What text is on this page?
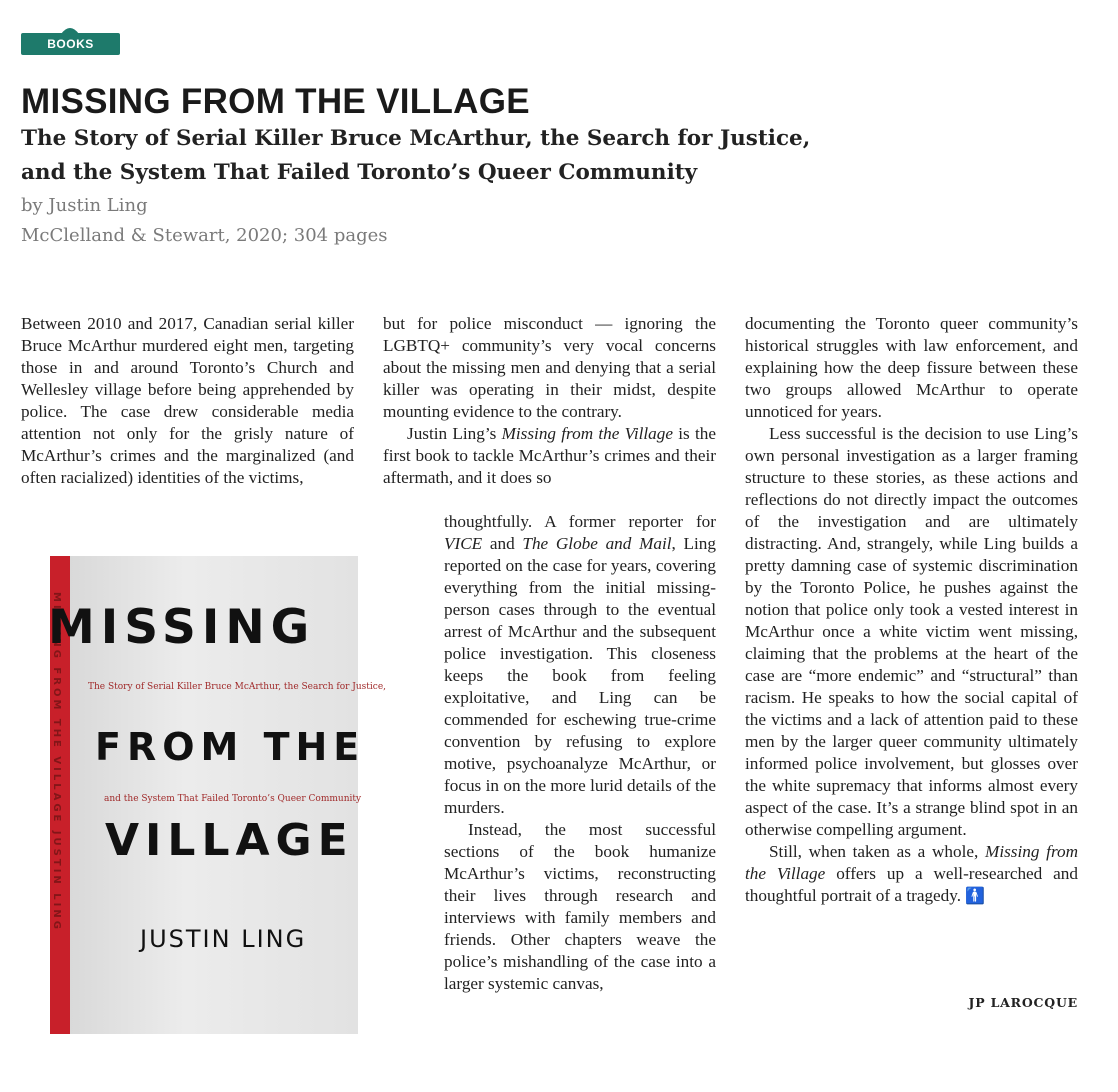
BOOKS
MISSING FROM THE VILLAGE
The Story of Serial Killer Bruce McArthur, the Search for Justice, and the System That Failed Toronto’s Queer Community

by Justin Ling

McClelland & Stewart, 2020; 304 pages

Between 2010 and 2017, Canadian serial killer Bruce McArthur murdered eight men, targeting those in and around Toronto’s Church and Wellesley village before being apprehended by police. The case drew considerable media attention not only for the grisly nature of McArthur’s crimes and the marginalized (and often racialized) identities of the victims,

but for police misconduct — ignoring the LGBTQ+ community’s very vocal concerns about the missing men and denying that a serial killer was operating in their midst, despite mounting evidence to the contrary.

Justin Ling’s Missing from the Village is the first book to tackle McArthur’s crimes and their aftermath, and it does so

thoughtfully. A former reporter for VICE and The Globe and Mail, Ling reported on the case for years, covering everything from the initial missing-person cases through to the eventual arrest of McArthur and the subsequent police investigation. This closeness keeps the book from feeling exploitative, and Ling can be commended for eschewing true-crime convention by refusing to explore motive, psychoanalyze McArthur, or focus in on the more lurid details of the murders.

Instead, the most successful sections of the book humanize McArthur’s victims, reconstructing their lives through research and interviews with family members and friends. Other chapters weave the police’s mishandling of the case into a larger systemic canvas,

documenting the Toronto queer community’s historical struggles with law enforcement, and explaining how the deep fissure between these two groups allowed McArthur to operate unnoticed for years.

Less successful is the decision to use Ling’s own personal investigation as a larger framing structure to these stories, as these actions and reflections do not directly impact the outcomes of the investigation and are ultimately distracting. And, strangely, while Ling builds a pretty damning case of systemic discrimination by the Toronto Police, he pushes against the notion that police only took a vested interest in McArthur once a white victim went missing, claiming that the problems at the heart of the case are “more endemic” and “structural” than racism. He speaks to how the social capital of the victims and a lack of attention paid to these men by the larger queer community ultimately informed police involvement, but glosses over the white supremacy that informs almost every aspect of the case. It’s a strange blind spot in an otherwise compelling argument.

Still, when taken as a whole, Missing from the Village offers up a well-researched and thoughtful portrait of a tragedy. 🚹

JP LAROCQUE

MISSING FROM THE VILLAGE JUSTIN LING
MISSING
The Story of Serial Killer Bruce McArthur, the Search for Justice,
FROM THE
and the System That Failed Toronto’s Queer Community
VILLAGE
JUSTIN LING
